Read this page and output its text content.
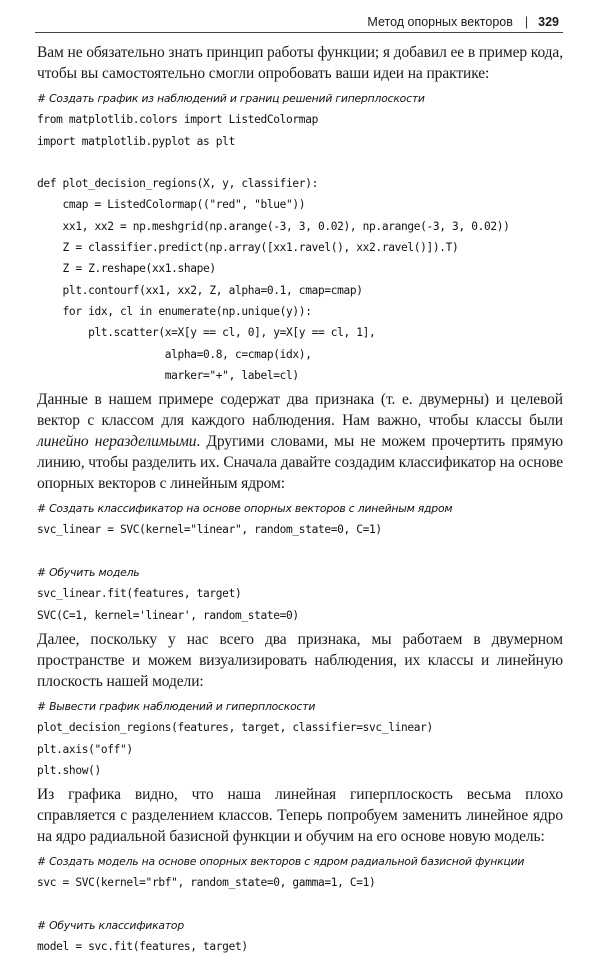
Метод опорных векторов | 329

Вам не обязательно знать принцип работы функции; я добавил ее в пример кода, чтобы вы самостоятельно смогли опробовать ваши идеи на практике:

# Создать график из наблюдений и границ решений гиперплоскости
from matplotlib.colors import ListedColormap
import matplotlib.pyplot as plt
def plot_decision_regions(X, y, classifier):
cmap = ListedColormap(("red", "blue"))
xx1, xx2 = np.meshgrid(np.arange(-3, 3, 0.02), np.arange(-3, 3, 0.02))
Z = classifier.predict(np.array([xx1.ravel(), xx2.ravel()]).T)
Z = Z.reshape(xx1.shape)
plt.contourf(xx1, xx2, Z, alpha=0.1, cmap=cmap)
for idx, cl in enumerate(np.unique(y)):
plt.scatter(x=X[y == cl, 0], y=X[y == cl, 1],
alpha=0.8, c=cmap(idx),
marker="+", label=cl)

Данные в нашем примере содержат два признака (т. е. двумерны) и целевой вектор с классом для каждого наблюдения. Нам важно, чтобы классы были линейно неразделимыми. Другими словами, мы не можем прочертить прямую линию, чтобы разделить их. Сначала давайте создадим классификатор на основе опорных векторов с линейным ядром:

# Создать классификатор на основе опорных векторов с линейным ядром
svc_linear = SVC(kernel="linear", random_state=0, C=1)
# Обучить модель
svc_linear.fit(features, target)
SVC(C=1, kernel='linear', random_state=0)

Далее, поскольку у нас всего два признака, мы работаем в двумерном пространстве и можем визуализировать наблюдения, их классы и линейную плоскость нашей модели:

# Вывести график наблюдений и гиперплоскости
plot_decision_regions(features, target, classifier=svc_linear)
plt.axis("off")
plt.show()

Из графика видно, что наша линейная гиперплоскость весьма плохо справляется с разделением классов. Теперь попробуем заменить линейное ядро на ядро радиальной базисной функции и обучим на его основе новую модель:

# Создать модель на основе опорных векторов с ядром радиальной базисной функции
svc = SVC(kernel="rbf", random_state=0, gamma=1, C=1)
# Обучить классификатор
model = svc.fit(features, target)
